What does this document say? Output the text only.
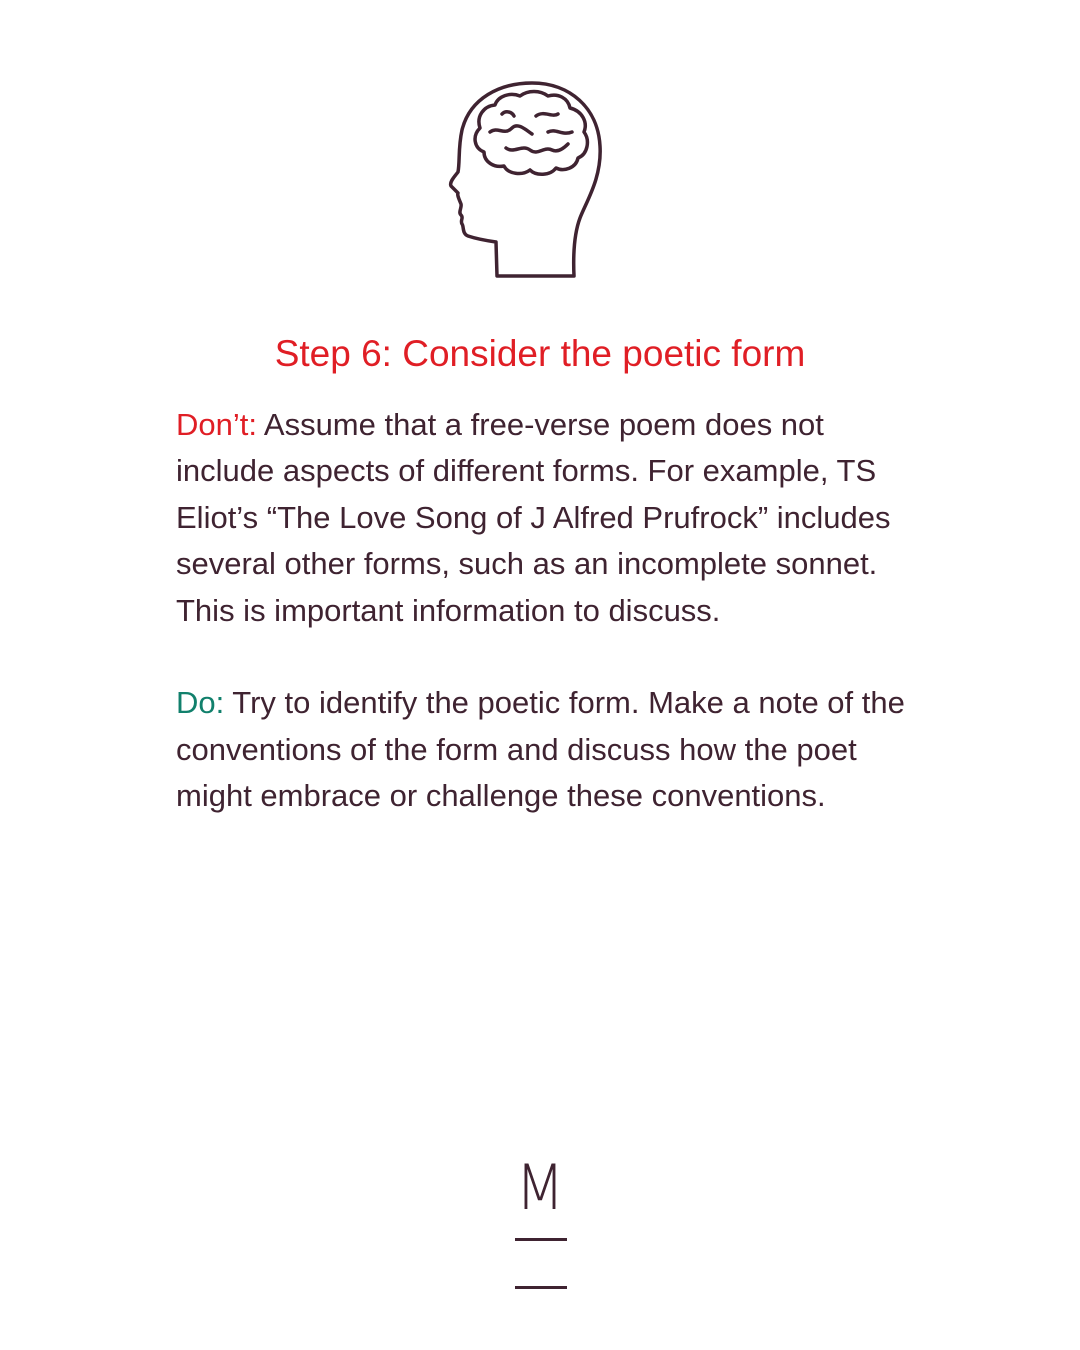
Step 6: Consider the poetic form

Don’t: Assume that a free-verse poem does not include aspects of different forms. For example, TS Eliot’s “The Love Song of J Alfred Prufrock” includes several other forms, such as an incomplete sonnet. This is important information to discuss.

Do: Try to identify the poetic form. Make a note of the conventions of the form and discuss how the poet might embrace or challenge these conventions.

M
